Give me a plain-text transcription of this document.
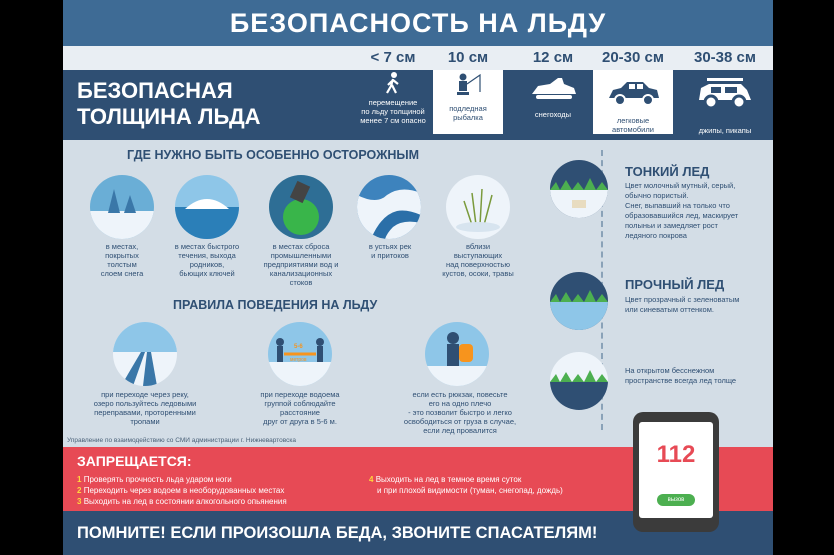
БЕЗОПАСНОСТЬ НА ЛЬДУ
БЕЗОПАСНАЯ
ТОЛЩИНА ЛЬДА
< 7 см
перемещение
по льду толщиной
менее 7 см опасно
10 см
подледная
рыбалка
12 см
снегоходы
20-30 см
легковые
автомобили
30-38 см
джипы, пикапы
ГДЕ НУЖНО БЫТЬ ОСОБЕННО ОСТОРОЖНЫМ
в местах,
покрытых
толстым
слоем снега
в местах быстрого
течения, выхода
родников,
бьющих ключей
в местах сброса
промышленными
предприятиями вод и
канализационных
стоков
в устьях рек
и притоков
вблизи
выступающих
над поверхностью
кустов, осоки, травы
ПРАВИЛА ПОВЕДЕНИЯ НА ЛЬДУ
5-6
метров
при переходе через реку,
озеро пользуйтесь ледовыми
переправами, проторенными
тропами
при переходе водоема
группой соблюдайте
расстояние
друг от друга в 5-6 м.
если есть рюкзак, повесьте
его на одно плечо
- это позволит быстро и легко
освободиться от груза в случае,
если лед провалится
ТОНКИЙ ЛЕД
Цвет молочный мутный, серый,
обычно пористый.
Снег, выпавший на только что
образовавшийся лед, маскирует
полыньи и замедляет рост
ледяного покрова
ПРОЧНЫЙ ЛЕД
Цвет прозрачный с зеленоватым
или синеватым оттенком.
На открытом бесснежном
пространстве всегда лед толще
Управление по взаимодействию со СМИ администрации г. Нижневартовска
ЗАПРЕЩАЕТСЯ:
1 Проверять прочность льда ударом ноги
2 Переходить через водоем в необорудованных местах
3 Выходить на лед в состоянии алкогольного опьянения
4 Выходить на лед в темное время суток
и при плохой видимости (туман, снегопад, дождь)
ПОМНИТЕ! ЕСЛИ ПРОИЗОШЛА БЕДА, ЗВОНИТЕ СПАСАТЕЛЯМ!
112
вызов
